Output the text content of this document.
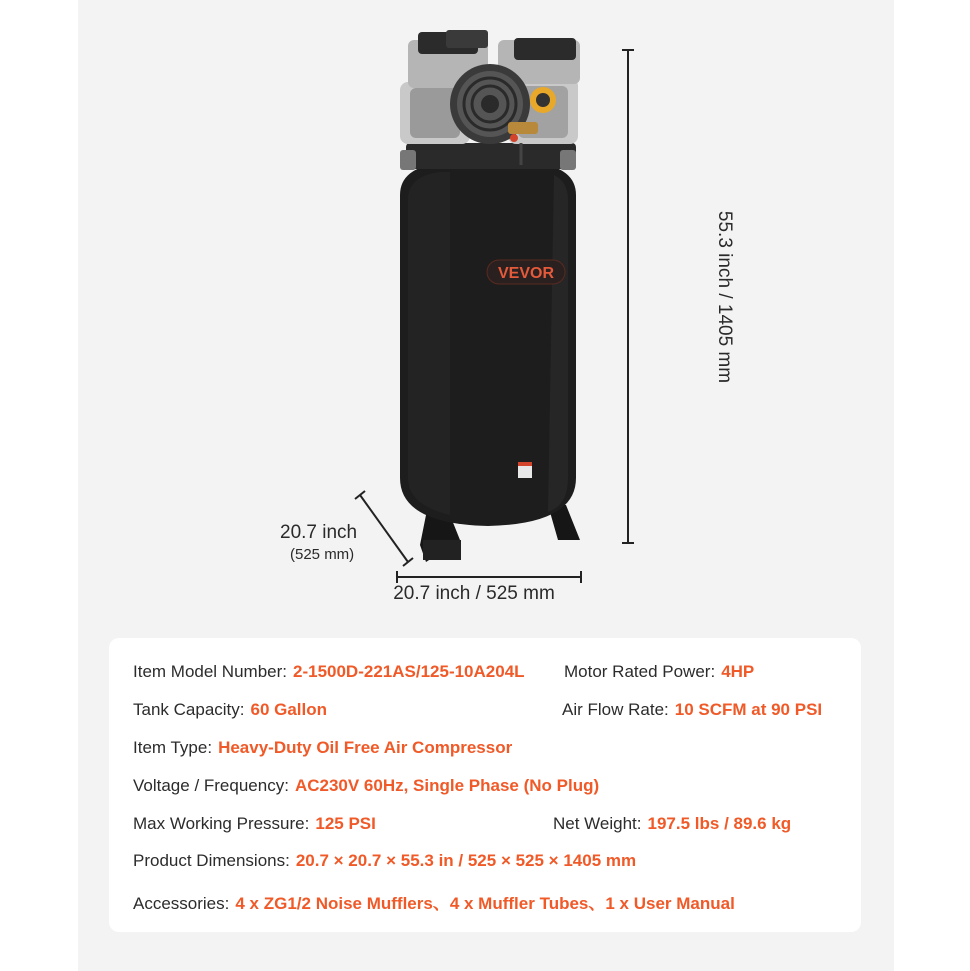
VEVOR	55.3 inch / 1405 mm
20.7 inch / 525 mm
20.7 inch
(525 mm)
Item Model Number: 2-1500D-221AS/125-10A204L Motor Rated Power: 4HP
Tank Capacity: 60 Gallon	Air Flow Rate: 10 SCFM at 90 PSI
Item Type: Heavy-Duty Oil Free Air Compressor
Voltage / Frequency: AC230V 60Hz, Single Phase (No Plug)
Max Working Pressure: 125 PSI	Net Weight: 197.5 lbs / 89.6 kg
Product Dimensions: 20.7 × 20.7 × 55.3 in / 525 × 525 × 1405 mm
Accessories: 4 x ZG1/2 Noise Mufflers、4 x Muffler Tubes、1 x User Manual
